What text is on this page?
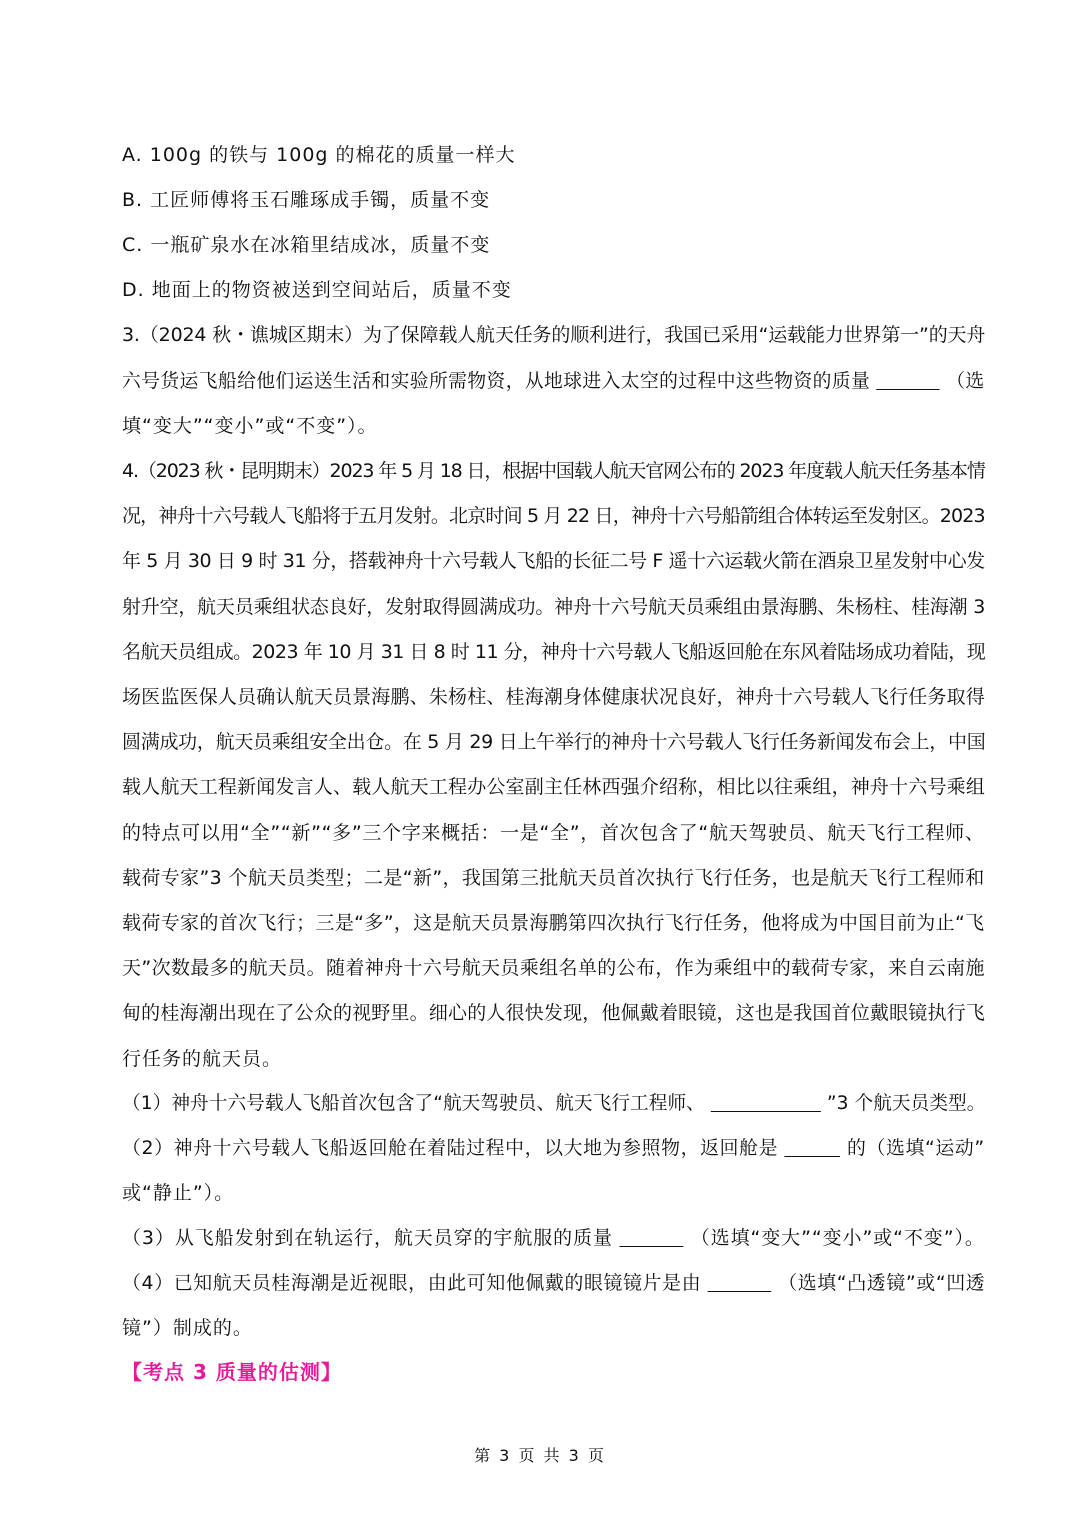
A. 100g 的铁与 100g 的棉花的质量一样大
B. 工匠师傅将玉石雕琢成手镯，质量不变
C. 一瓶矿泉水在冰箱里结成冰，质量不变
D. 地面上的物资被送到空间站后，质量不变
3.（2024 秋・谯城区期末）为了保障载人航天任务的顺利进行，我国已采用“运载能力世界第一”的天舟
六号货运飞船给他们运送生活和实验所需物资，从地球进入太空的过程中这些物资的质量	（选
填“变大”“变小”或“不变”）。
4.（2023 秋・昆明期末）2023 年 5 月 18 日，根据中国载人航天官网公布的 2023 年度载人航天任务基本情
况，神舟十六号载人飞船将于五月发射。北京时间 5 月 22 日，神舟十六号船箭组合体转运至发射区。2023
年 5 月 30 日 9 时 31 分，搭载神舟十六号载人飞船的长征二号 F 遥十六运载火箭在酒泉卫星发射中心发
射升空，航天员乘组状态良好，发射取得圆满成功。神舟十六号航天员乘组由景海鹏、朱杨柱、桂海潮 3
名航天员组成。2023 年 10 月 31 日 8 时 11 分，神舟十六号载人飞船返回舱在东风着陆场成功着陆，现
场医监医保人员确认航天员景海鹏、朱杨柱、桂海潮身体健康状况良好，神舟十六号载人飞行任务取得
圆满成功，航天员乘组安全出仓。在 5 月 29 日上午举行的神舟十六号载人飞行任务新闻发布会上，中国
载人航天工程新闻发言人、载人航天工程办公室副主任林西强介绍称，相比以往乘组，神舟十六号乘组
的特点可以用“全”“新”“多”三个字来概括：一是“全”，首次包含了“航天驾驶员、航天飞行工程师、
载荷专家”3 个航天员类型；二是“新”，我国第三批航天员首次执行飞行任务，也是航天飞行工程师和
载荷专家的首次飞行；三是“多”，这是航天员景海鹏第四次执行飞行任务，他将成为中国目前为止“飞
天”次数最多的航天员。随着神舟十六号航天员乘组名单的公布，作为乘组中的载荷专家，来自云南施
甸的桂海潮出现在了公众的视野里。细心的人很快发现，他佩戴着眼镜，这也是我国首位戴眼镜执行飞
行任务的航天员。
（1）神舟十六号载人飞船首次包含了“航天驾驶员、航天飞行工程师、	”3 个航天员类型。
（2）神舟十六号载人飞船返回舱在着陆过程中，以大地为参照物，返回舱是	的（选填“运动”
或“静止”）。
（3）从飞船发射到在轨运行，航天员穿的宇航服的质量	（选填“变大”“变小”或“不变”）。
（4）已知航天员桂海潮是近视眼，由此可知他佩戴的眼镜镜片是由	（选填“凸透镜”或“凹透
镜”）制成的。
【考点 3 质量的估测】
第 3 页 共 3 页
